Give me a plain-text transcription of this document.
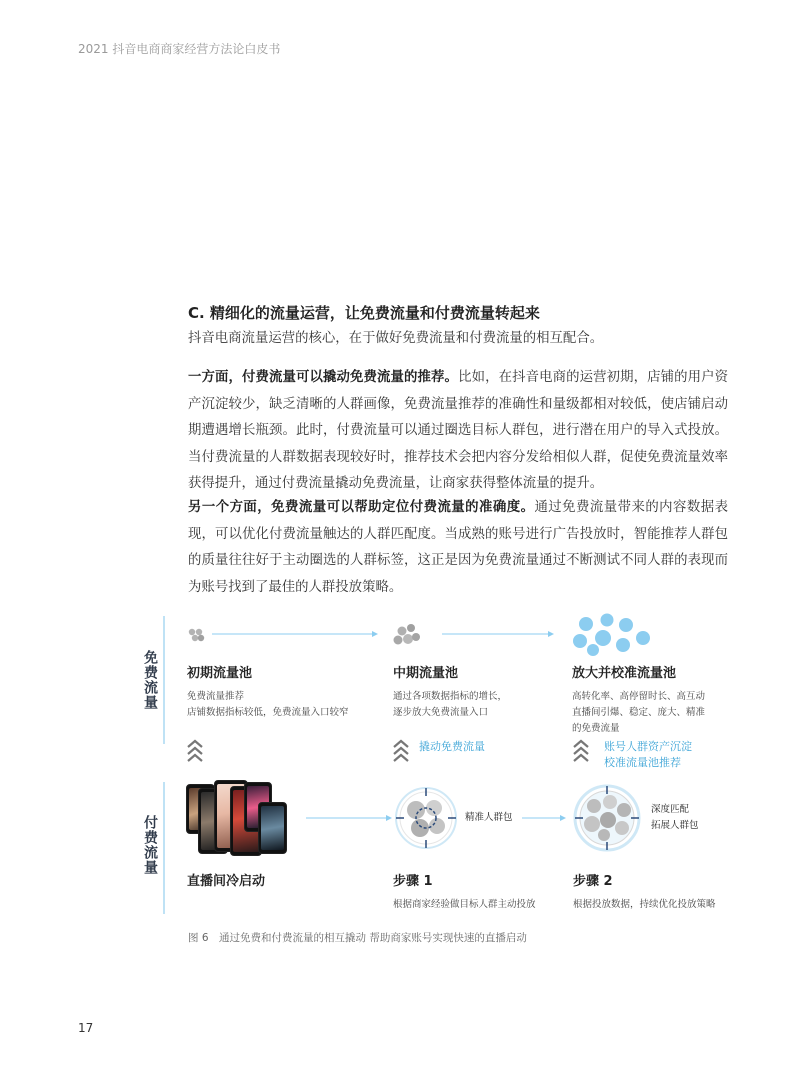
2021 抖音电商商家经营方法论白皮书
C. 精细化的流量运营，让免费流量和付费流量转起来
抖音电商流量运营的核心，在于做好免费流量和付费流量的相互配合。
一方面，付费流量可以撬动免费流量的推荐。比如，在抖音电商的运营初期，店铺的用户资产沉淀较少，缺乏清晰的人群画像，免费流量推荐的准确性和量级都相对较低，使店铺启动期遭遇增长瓶颈。此时，付费流量可以通过圈选目标人群包，进行潜在用户的导入式投放。当付费流量的人群数据表现较好时，推荐技术会把内容分发给相似人群，促使免费流量效率获得提升，通过付费流量撬动免费流量，让商家获得整体流量的提升。
另一个方面，免费流量可以帮助定位付费流量的准确度。通过免费流量带来的内容数据表现，可以优化付费流量触达的人群匹配度。当成熟的账号进行广告投放时，智能推荐人群包的质量往往好于主动圈选的人群标签，这正是因为免费流量通过不断测试不同人群的表现而为账号找到了最佳的人群投放策略。
免费流量
付费流量
初期流量池
免费流量推荐
店铺数据指标较低，免费流量入口较窄
中期流量池
通过各项数据指标的增长，
逐步放大免费流量入口
放大并校准流量池
高转化率、高停留时长、高互动
直播间引爆、稳定、庞大、精准
的免费流量
撬动免费流量	账号人群资产沉淀
校准流量池推荐
精准人群包
深度匹配
拓展人群包
直播间冷启动	步骤 1
根据商家经验做目标人群主动投放
步骤 2
根据投放数据，持续优化投放策略
图 6　通过免费和付费流量的相互撬动 帮助商家账号实现快速的直播启动
17
